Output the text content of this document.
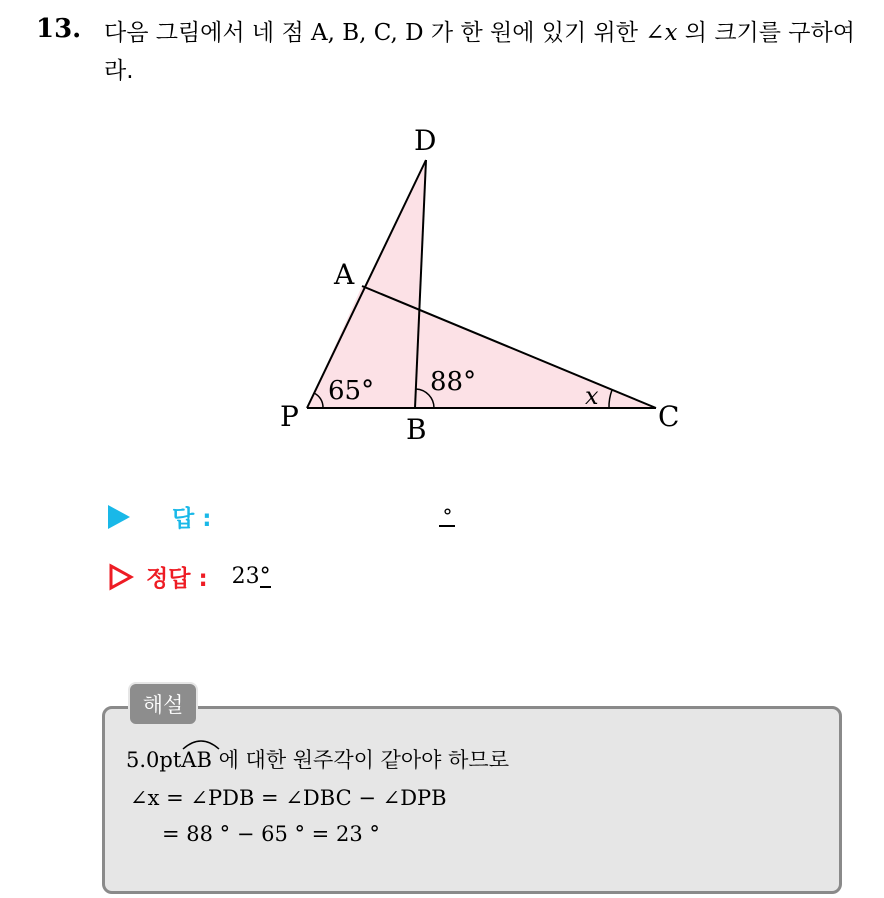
13. 다음 그림에서 네 점 A, B, C, D 가 한 원에 있기 위한 ∠x 의 크기를 구하여라.
D
A
P	B	C
65° 88°	x
답 :	°
정답 : 23°
해설
5.0pt
AB 에 대한 원주각이 같아야 하므로
∠x = ∠PDB = ∠DBC − ∠DPB
= 88 ° − 65 ° = 23 °
